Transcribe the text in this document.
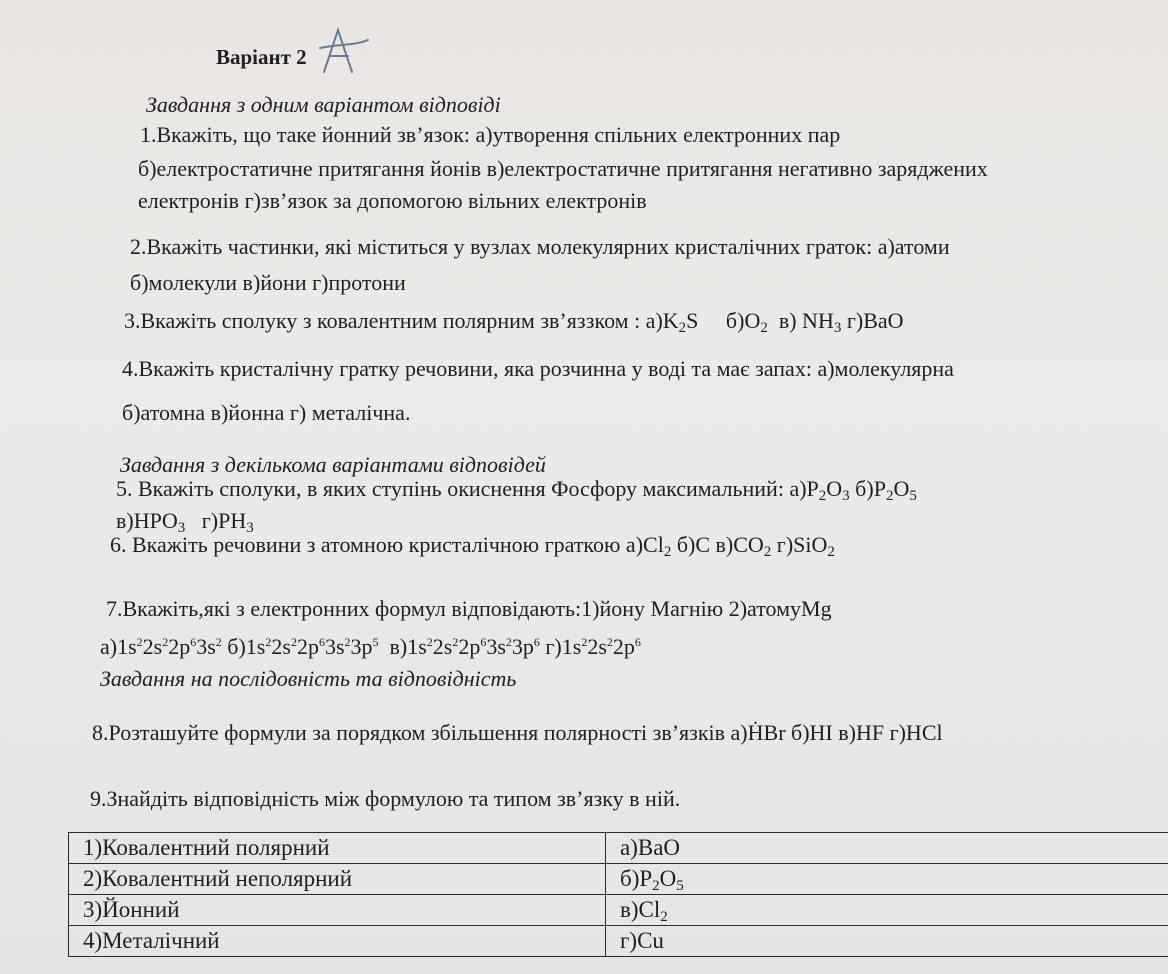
Варіант 2
Завдання з одним варіантом відповіді
1.Вкажіть, що таке йонний зв’язок: а)утворення спільних електронних пар
б)електростатичне притягання йонів в)електростатичне притягання негативно заряджених
електронів г)зв’язок за допомогою вільних електронів
2.Вкажіть частинки, які міститься у вузлах молекулярних кристалічних граток: а)атоми
б)молекули в)йони г)протони
3.Вкажіть сполуку з ковалентним полярним зв’яззком : $а)K_2S$ $б)O_2$ в) $NH_3$ г)BaO
4.Вкажіть кристалічну гратку речовини, яка розчинна у воді та має запах: а)молекулярна
б)атомна в)йонна г) металічна.
Завдання з декількома варіантами відповідей
5. Вкажіть сполуки, в яких ступінь окиснення Фосфору максимальний: $а)P_2O_3$ $б)P_2O_5$
$в)HPO_3$ $г)PH_3$
6. Вкажіть речовини з атомною кристалічною граткою $а)Cl_2$ б)C $в)CO_2$ г)SiO$_2$
7.Вкажіть,які з електронних формул відповідають:1)йону Магнію 2)атомуMg
$а)1s^22s^22p^63s^2$ $б)1s^22s^22p^63s^23p^5$ $в)1s^22s^22p^63s^23p^6$ $г)1s^22s^22p^6$
Завдання на послідовність та відповідність
8.Розташуйте формули за порядком збільшення полярності зв’язків а)ḢBr б)HI в)HF г)HCl
9.Знайдіть відповідність між формулою та типом зв’язку в ній.
1)Ковалентний полярний	а)BaO
2)Ковалентний неполярний	$б)P_2O_5$
3)Йонний	$в)Cl_2$
4)Металічний	г)Cu
